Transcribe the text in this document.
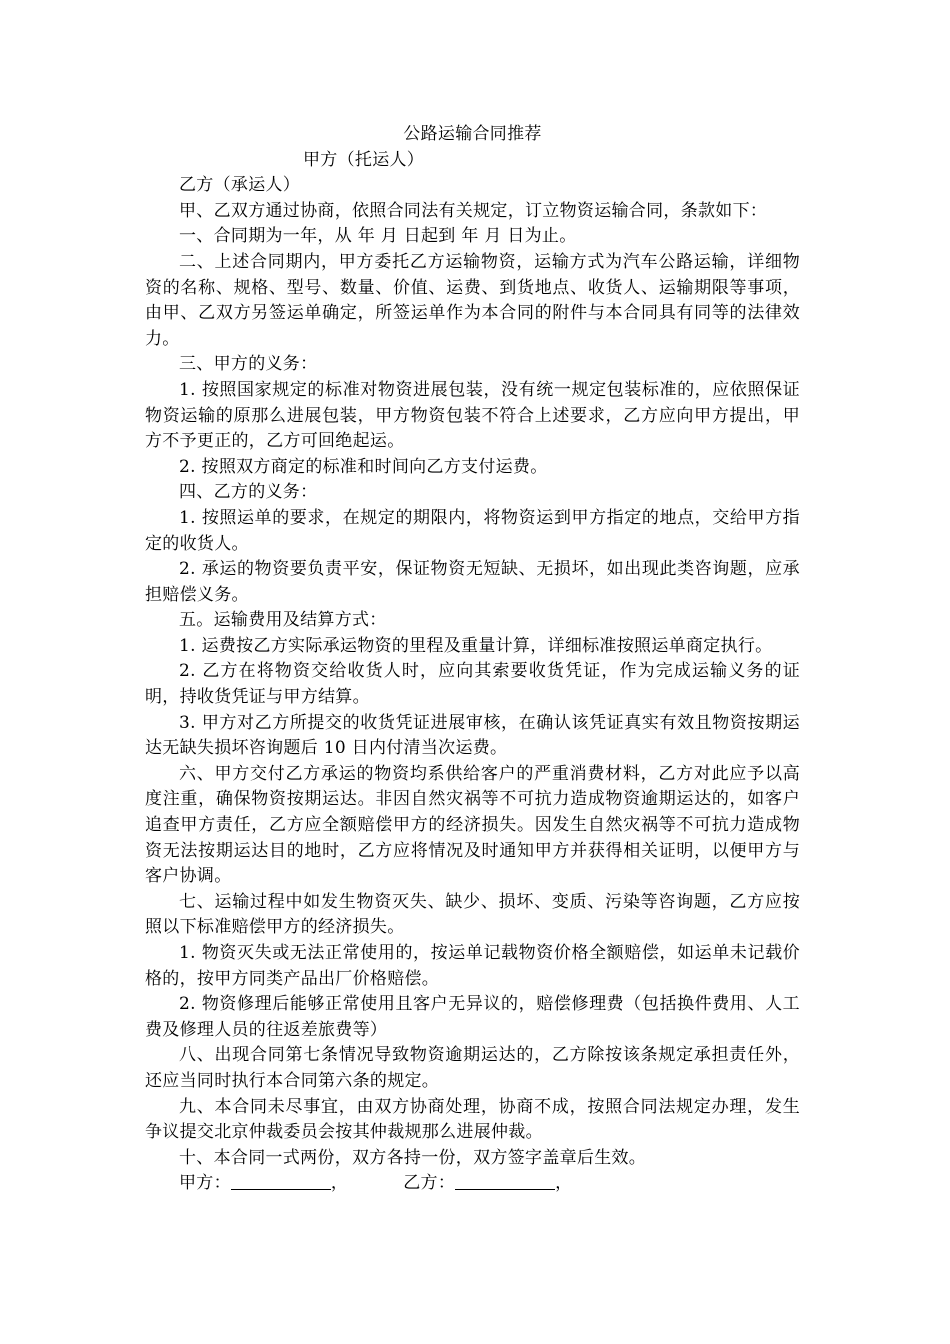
公路运输合同推荐

甲方（托运人）

乙方（承运人）

甲、乙双方通过协商，依照合同法有关规定，订立物资运输合同，条款如下：

一、合同期为一年，从 年 月 日起到 年 月 日为止。

二、上述合同期内，甲方委托乙方运输物资，运输方式为汽车公路运输，详细物资的名称、规格、型号、数量、价值、运费、到货地点、收货人、运输期限等事项，由甲、乙双方另签运单确定，所签运单作为本合同的附件与本合同具有同等的法律效力。

三、甲方的义务：

1. 按照国家规定的标准对物资进展包装，没有统一规定包装标准的，应依照保证物资运输的原那么进展包装，甲方物资包装不符合上述要求，乙方应向甲方提出，甲方不予更正的，乙方可回绝起运。

2. 按照双方商定的标准和时间向乙方支付运费。

四、乙方的义务：

1. 按照运单的要求，在规定的期限内，将物资运到甲方指定的地点，交给甲方指定的收货人。

2. 承运的物资要负责平安，保证物资无短缺、无损坏，如出现此类咨询题，应承担赔偿义务。

五。运输费用及结算方式：

1. 运费按乙方实际承运物资的里程及重量计算，详细标准按照运单商定执行。

2. 乙方在将物资交给收货人时，应向其索要收货凭证，作为完成运输义务的证明，持收货凭证与甲方结算。

3. 甲方对乙方所提交的收货凭证进展审核，在确认该凭证真实有效且物资按期运达无缺失损坏咨询题后 10 日内付清当次运费。

六、甲方交付乙方承运的物资均系供给客户的严重消费材料，乙方对此应予以高度注重，确保物资按期运达。非因自然灾祸等不可抗力造成物资逾期运达的，如客户追查甲方责任，乙方应全额赔偿甲方的经济损失。因发生自然灾祸等不可抗力造成物资无法按期运达目的地时，乙方应将情况及时通知甲方并获得相关证明，以便甲方与客户协调。

七、运输过程中如发生物资灭失、缺少、损坏、变质、污染等咨询题，乙方应按照以下标准赔偿甲方的经济损失。

1. 物资灭失或无法正常使用的，按运单记载物资价格全额赔偿，如运单未记载价格的，按甲方同类产品出厂价格赔偿。

2. 物资修理后能够正常使用且客户无异议的，赔偿修理费（包括换件费用、人工费及修理人员的往返差旅费等）

八、出现合同第七条情况导致物资逾期运达的，乙方除按该条规定承担责任外，还应当同时执行本合同第六条的规定。

九、本合同未尽事宜，由双方协商处理，协商不成，按照合同法规定办理，发生争议提交北京仲裁委员会按其仲裁规那么进展仲裁。

十、本合同一式两份，双方各持一份，双方签字盖章后生效。

甲方：	，	乙方：	，
